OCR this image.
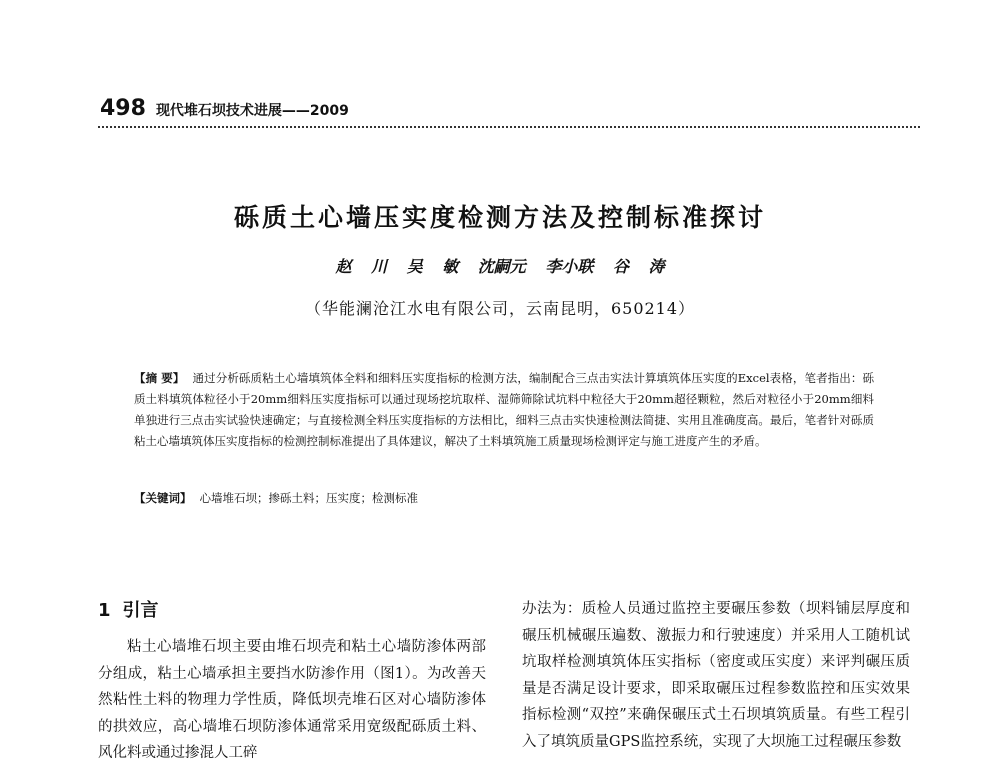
498 现代堆石坝技术进展——2009
砾质土心墙压实度检测方法及控制标准探讨
赵 川 吴 敏 沈嗣元 李小联 谷 涛
（华能澜沧江水电有限公司，云南昆明，650214）
【摘 要】 通过分析砾质粘土心墙填筑体全料和细料压实度指标的检测方法，编制配合三点击实法计算填筑体压实度的Excel表格，笔者指出：砾质土料填筑体粒径小于20mm细料压实度指标可以通过现场挖坑取样、湿筛筛除试坑料中粒径大于20mm超径颗粒，然后对粒径小于20mm细料单独进行三点击实试验快速确定；与直接检测全料压实度指标的方法相比，细料三点击实快速检测法简捷、实用且准确度高。最后，笔者针对砾质粘土心墙填筑体压实度指标的检测控制标准提出了具体建议，解决了土料填筑施工质量现场检测评定与施工进度产生的矛盾。
【关键词】 心墙堆石坝；掺砾土料；压实度；检测标准
1 引言

粘土心墙堆石坝主要由堆石坝壳和粘土心墙防渗体两部分组成，粘土心墙承担主要挡水防渗作用（图1）。为改善天然粘性土料的物理力学性质，降低坝壳堆石区对心墙防渗体的拱效应，高心墙堆石坝防渗体通常采用宽级配砾质土料、风化料或通过掺混人工碎

办法为：质检人员通过监控主要碾压参数（坝料铺层厚度和碾压机械碾压遍数、激振力和行驶速度）并采用人工随机试坑取样检测填筑体压实指标（密度或压实度）来评判碾压质量是否满足设计要求，即采取碾压过程参数监控和压实效果指标检测“双控”来确保碾压式土石坝填筑质量。有些工程引入了填筑质量GPS监控系统，实现了大坝施工过程碾压参数
